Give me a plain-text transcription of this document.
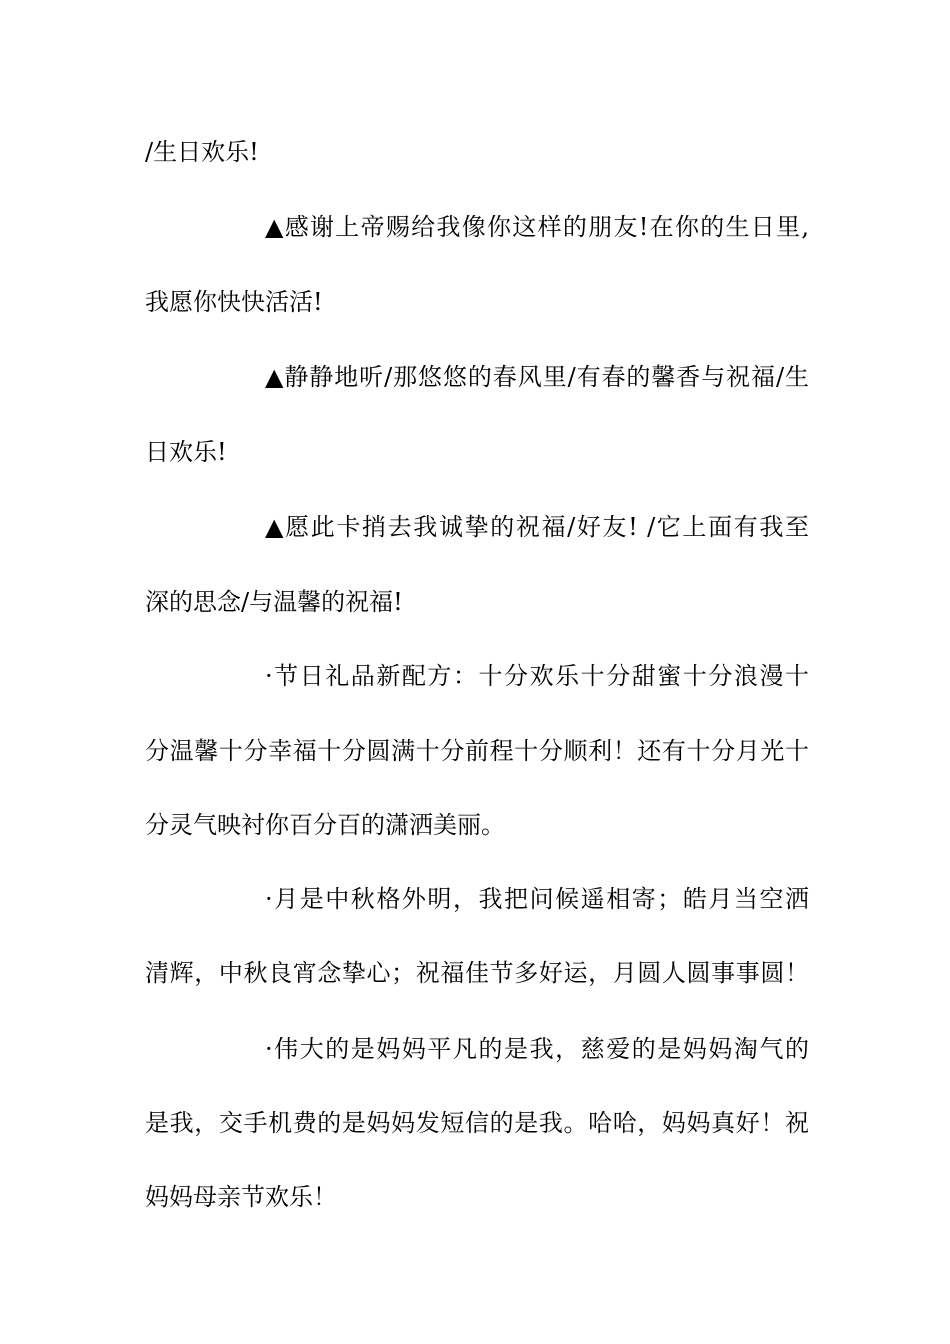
/生日欢乐!
▲感谢上帝赐给我像你这样的朋友!在你的生日里,
我愿你快快活活!
▲静静地听/那悠悠的春风里/有春的馨香与祝福/生
日欢乐!
▲愿此卡捎去我诚挚的祝福/好友! /它上面有我至
深的思念/与温馨的祝福!
·节日礼品新配方：十分欢乐十分甜蜜十分浪漫十
分温馨十分幸福十分圆满十分前程十分顺利！还有十分月光十
分灵气映衬你百分百的潇洒美丽。
·月是中秋格外明，我把问候遥相寄；皓月当空洒
清辉，中秋良宵念挚心；祝福佳节多好运，月圆人圆事事圆！
·伟大的是妈妈平凡的是我，慈爱的是妈妈淘气的
是我，交手机费的是妈妈发短信的是我。哈哈，妈妈真好！祝
妈妈母亲节欢乐！
